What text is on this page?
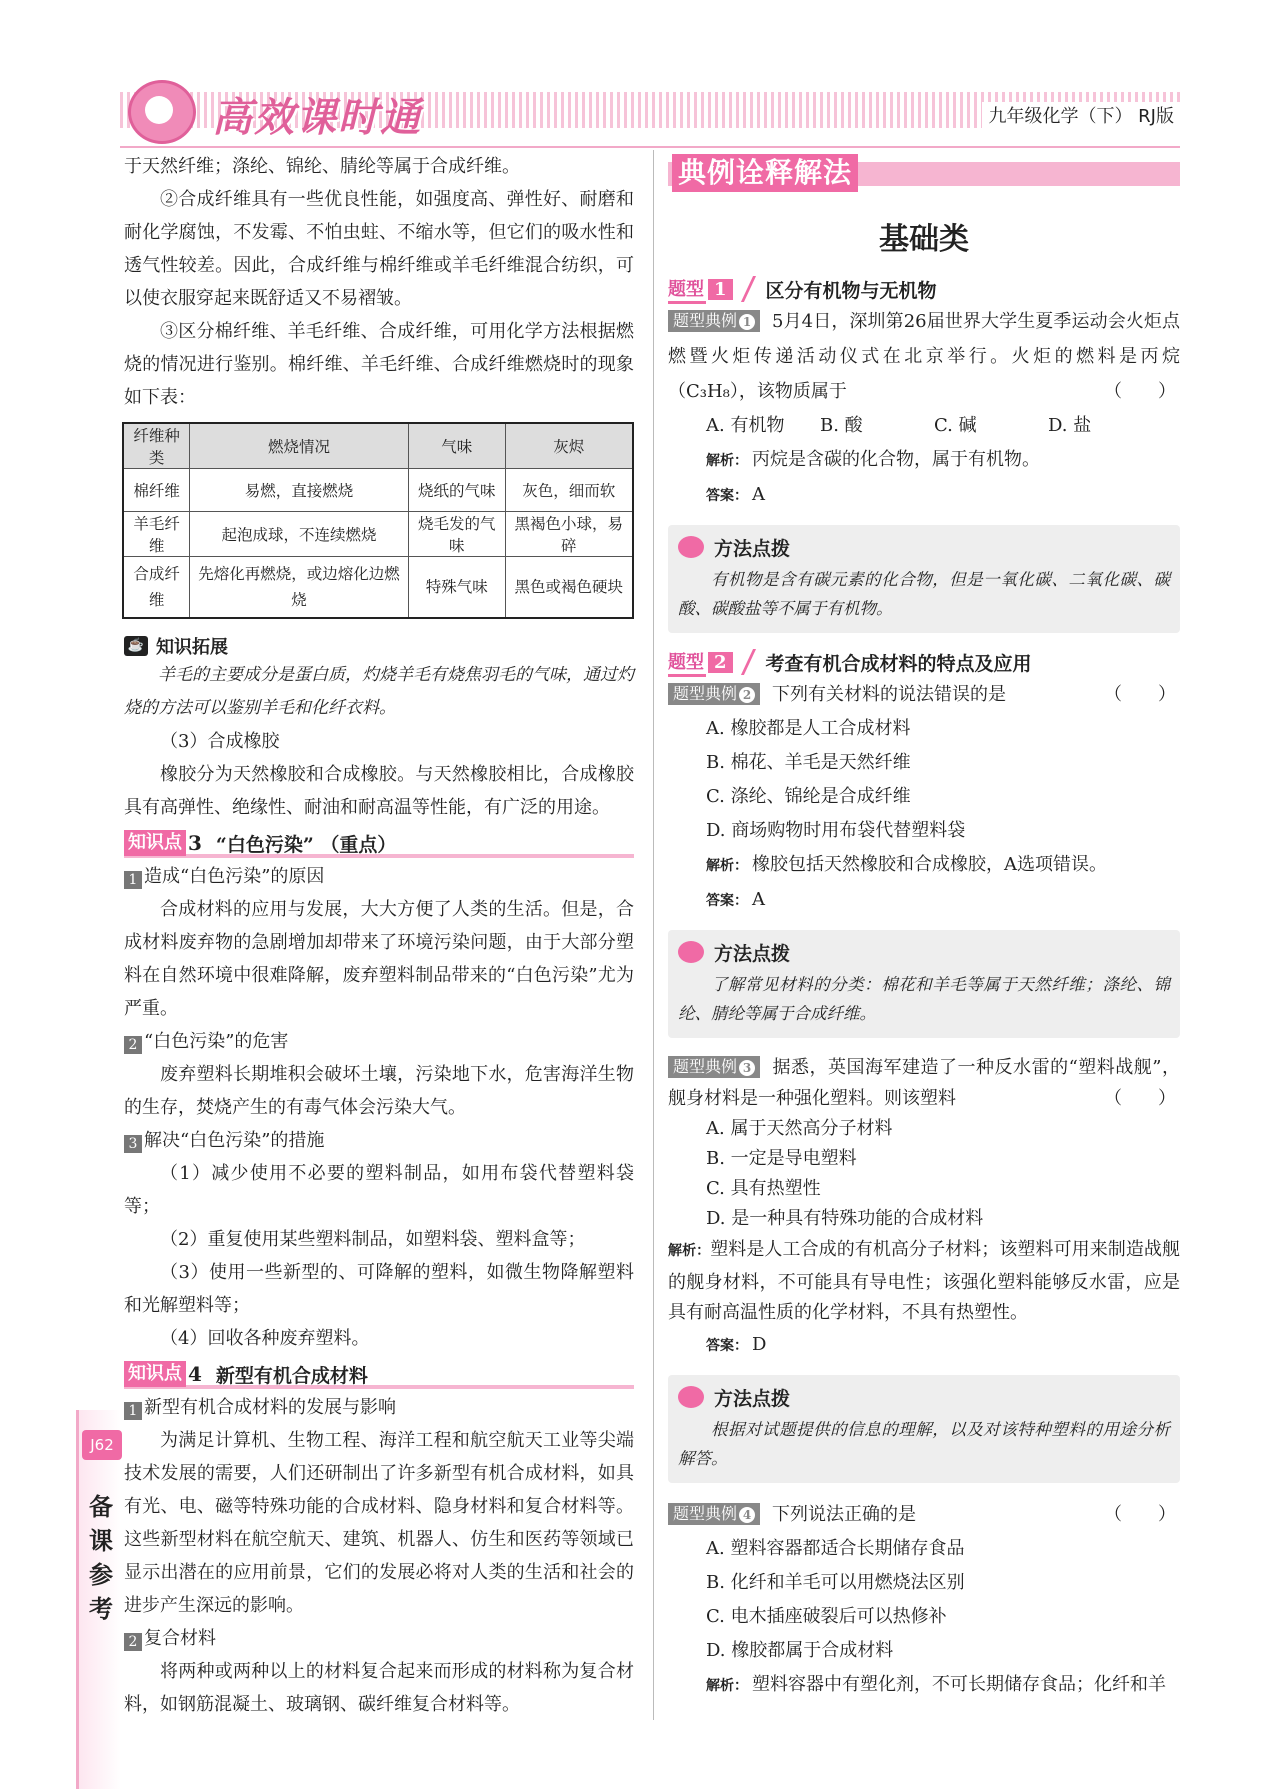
高效课时通	九年级化学（下） RJ版

于天然纤维；涤纶、锦纶、腈纶等属于合成纤维。

②合成纤维具有一些优良性能，如强度高、弹性好、耐磨和耐化学腐蚀，不发霉、不怕虫蛀、不缩水等，但它们的吸水性和透气性较差。因此，合成纤维与棉纤维或羊毛纤维混合纺织，可以使衣服穿起来既舒适又不易褶皱。

③区分棉纤维、羊毛纤维、合成纤维，可用化学方法根据燃烧的情况进行鉴别。棉纤维、羊毛纤维、合成纤维燃烧时的现象如下表：

纤维种类	燃烧情况	气味	灰烬
棉纤维	易燃，直接燃烧	烧纸的气味	灰色，细而软
羊毛纤维	起泡成球，不连续燃烧	烧毛发的气味	黑褐色小球，易碎
合成纤维	先熔化再燃烧，或边熔化边燃烧	特殊气味	黑色或褐色硬块
☕ 知识拓展

羊毛的主要成分是蛋白质，灼烧羊毛有烧焦羽毛的气味，通过灼烧的方法可以鉴别羊毛和化纤衣料。

（3）合成橡胶

橡胶分为天然橡胶和合成橡胶。与天然橡胶相比，合成橡胶具有高弹性、绝缘性、耐油和耐高温等性能，有广泛的用途。

知识点 3 “白色污染” （重点）

1 造成“白色污染”的原因

合成材料的应用与发展，大大方便了人类的生活。但是，合成材料废弃物的急剧增加却带来了环境污染问题，由于大部分塑料在自然环境中很难降解，废弃塑料制品带来的“白色污染”尤为严重。

2 “白色污染”的危害

废弃塑料长期堆积会破坏土壤，污染地下水，危害海洋生物的生存，焚烧产生的有毒气体会污染大气。

3 解决“白色污染”的措施

（1）减少使用不必要的塑料制品，如用布袋代替塑料袋等；

（2）重复使用某些塑料制品，如塑料袋、塑料盒等；

（3）使用一些新型的、可降解的塑料，如微生物降解塑料和光解塑料等；

（4）回收各种废弃塑料。

知识点 4 新型有机合成材料

1 新型有机合成材料的发展与影响

为满足计算机、生物工程、海洋工程和航空航天工业等尖端技术发展的需要，人们还研制出了许多新型有机合成材料，如具有光、电、磁等特殊功能的合成材料、隐身材料和复合材料等。这些新型材料在航空航天、建筑、机器人、仿生和医药等领域已显示出潜在的应用前景，它们的发展必将对人类的生活和社会的进步产生深远的影响。

2 复合材料

将两种或两种以上的材料复合起来而形成的材料称为复合材料，如钢筋混凝土、玻璃钢、碳纤维复合材料等。

典例诠释解法
基础类
题型 1	区分有机物与无机物

题型典例 1 5月4日，深圳第26届世界大学生夏季运动会火炬点燃暨火炬传递活动仪式在北京举行。火炬的燃料是丙烷（C₃H₈），该物质属于	（　　）

A. 有机物	B. 酸	C. 碱	D. 盐

解析： 丙烷是含碳的化合物，属于有机物。

答案： A

方法点拨

有机物是含有碳元素的化合物，但是一氧化碳、二氧化碳、碳酸、碳酸盐等不属于有机物。

题型 2	考查有机合成材料的特点及应用

题型典例 2 下列有关材料的说法错误的是	（　　）

A. 橡胶都是人工合成材料

B. 棉花、羊毛是天然纤维

C. 涤纶、锦纶是合成纤维

D. 商场购物时用布袋代替塑料袋

解析： 橡胶包括天然橡胶和合成橡胶，A选项错误。

答案： A

方法点拨

了解常见材料的分类：棉花和羊毛等属于天然纤维；涤纶、锦纶、腈纶等属于合成纤维。

题型典例 3 据悉，英国海军建造了一种反水雷的“塑料战舰”，舰身材料是一种强化塑料。则该塑料	（　　）

A. 属于天然高分子材料

B. 一定是导电塑料

C. 具有热塑性

D. 是一种具有特殊功能的合成材料

解析：塑料是人工合成的有机高分子材料；该塑料可用来制造战舰的舰身材料，不可能具有导电性；该强化塑料能够反水雷，应是具有耐高温性质的化学材料，不具有热塑性。

答案： D

方法点拨

根据对试题提供的信息的理解，以及对该特种塑料的用途分析解答。

题型典例 4 下列说法正确的是	（　　）

A. 塑料容器都适合长期储存食品

B. 化纤和羊毛可以用燃烧法区别

C. 电木插座破裂后可以热修补

D. 橡胶都属于合成材料

解析： 塑料容器中有塑化剂，不可长期储存食品；化纤和羊

J62
备
课
参
考
